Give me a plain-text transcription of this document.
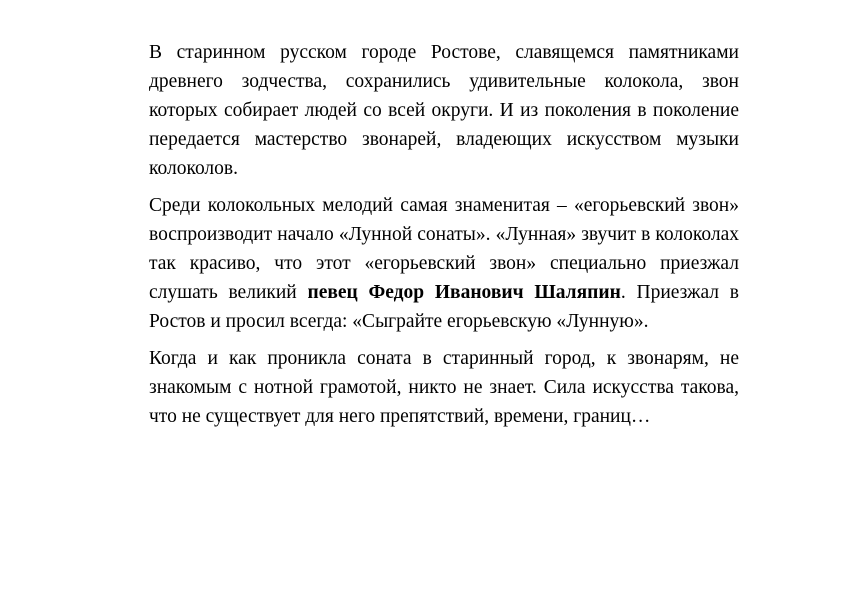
В старинном русском городе Ростове, славящемся памятниками древнего зодчества, сохранились удивительные колокола, звон которых собирает людей со всей округи. И из поколения в поколение передается мастерство звонарей, владеющих искусством музыки колоколов.

Среди колокольных мелодий самая знаменитая – «егорьевский звон» воспроизводит начало «Лунной сонаты». «Лунная» звучит в колоколах так красиво, что этот «егорьевский звон» специально приезжал слушать великий певец Федор Иванович Шаляпин. Приезжал в Ростов и просил всегда: «Сыграйте егорьевскую «Лунную».

Когда и как проникла соната в старинный город, к звонарям, не знакомым с нотной грамотой, никто не знает. Сила искусства такова, что не существует для него препятствий, времени, границ…
